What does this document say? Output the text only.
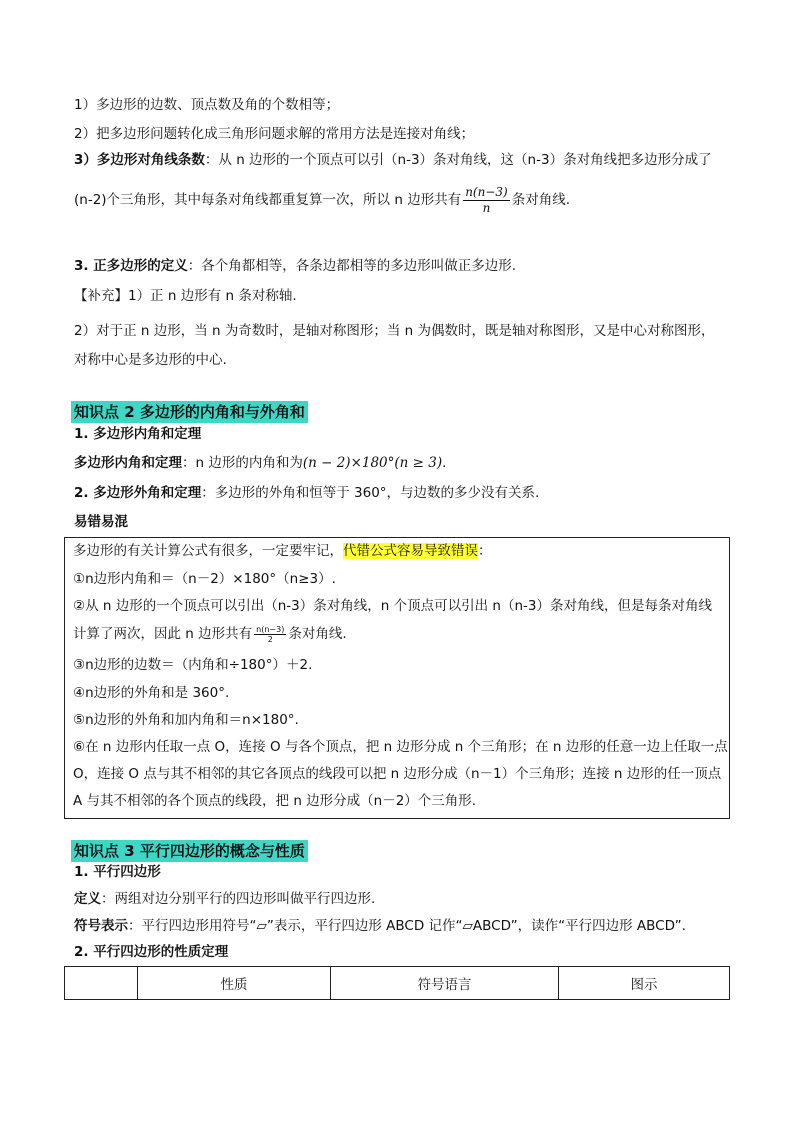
1）多边形的边数、顶点数及角的个数相等；
2）把多边形问题转化成三角形问题求解的常用方法是连接对角线；
3）多边形对角线条数：从 n 边形的一个顶点可以引（n-3）条对角线，这（n-3）条对角线把多边形分成了
(n-2)个三角形，其中每条对角线都重复算一次，所以 n 边形共有 $\frac{n(n-3)}{n}$ 条对角线.
3. 正多边形的定义：各个角都相等，各条边都相等的多边形叫做正多边形.
【补充】1）正 n 边形有 n 条对称轴.
2）对于正 n 边形，当 n 为奇数时，是轴对称图形；当 n 为偶数时，既是轴对称图形，又是中心对称图形，
对称中心是多边形的中心.
知识点 2 多边形的内角和与外角和
1. 多边形内角和定理
多边形内角和定理：n 边形的内角和为(n − 2)×180°(n ≥ 3).
2. 多边形外角和定理：多边形的外角和恒等于 360°，与边数的多少没有关系.
易错易混
多边形的有关计算公式有很多，一定要牢记，代错公式容易导致错误：
①n边形内角和＝（n－2）×180°（n≥3）.
②从 n 边形的一个顶点可以引出（n-3）条对角线，n 个顶点可以引出 n（n-3）条对角线，但是每条对角线
计算了两次，因此 n 边形共有 $\frac{n(n-3)}{2}$ 条对角线.
③n边形的边数＝（内角和÷180°）＋2.
④n边形的外角和是 360°.
⑤n边形的外角和加内角和＝n×180°.
⑥在 n 边形内任取一点 O，连接 O 与各个顶点，把 n 边形分成 n 个三角形；在 n 边形的任意一边上任取一点
O，连接 O 点与其不相邻的其它各顶点的线段可以把 n 边形分成（n－1）个三角形；连接 n 边形的任一顶点
A 与其不相邻的各个顶点的线段，把 n 边形分成（n－2）个三角形.
知识点 3 平行四边形的概念与性质
1. 平行四边形
定义：两组对边分别平行的四边形叫做平行四边形.
符号表示：平行四边形用符号“▱”表示，平行四边形 ABCD 记作“▱ABCD”，读作“平行四边形 ABCD”.
2. 平行四边形的性质定理
	性质	符号语言	图示
